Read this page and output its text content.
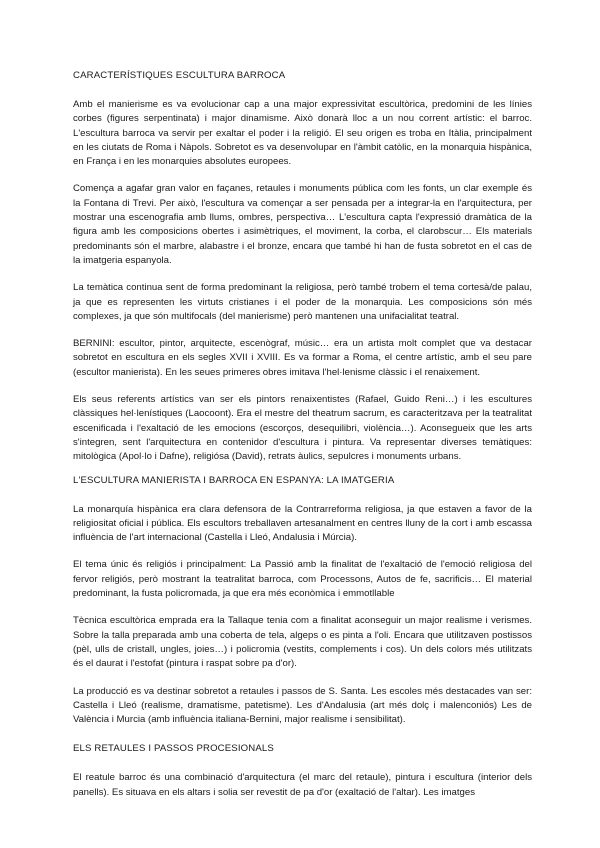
CARACTERÍSTIQUES ESCULTURA BARROCA

Amb el manierisme es va evolucionar cap a una major expressivitat escultòrica, predomini de les línies corbes (figures serpentinata) i major dinamisme. Això donarà lloc a un nou corrent artístic: el barroc. L'escultura barroca va servir per exaltar el poder i la religió. El seu origen es troba en Itàlia, principalment en les ciutats de Roma i Nàpols. Sobretot es va desenvolupar en l'àmbit catòlic, en la monarquia hispànica, en França i en les monarquies absolutes europees.

Comença a agafar gran valor en façanes, retaules i monuments pública com les fonts, un clar exemple és la Fontana di Trevi. Per això, l'escultura va començar a ser pensada per a integrar-la en l'arquitectura, per mostrar una escenografia amb llums, ombres, perspectiva… L'escultura capta l'expressió dramàtica de la figura amb les composicions obertes i asimètriques, el moviment, la corba, el clarobscur… Els materials predominants són el marbre, alabastre i el bronze, encara que també hi han de fusta sobretot en el cas de la imatgeria espanyola.

La temàtica continua sent de forma predominant la religiosa, però també trobem el tema cortesà/de palau, ja que es representen les virtuts cristianes i el poder de la monarquia. Les composicions són més complexes, ja que són multifocals (del manierisme) però mantenen una unifacialitat teatral.

BERNINI: escultor, pintor, arquitecte, escenògraf, músic… era un artista molt complet que va destacar sobretot en escultura en els segles XVII i XVIII. Es va formar a Roma, el centre artístic, amb el seu pare (escultor manierista). En les seues primeres obres imitava l'hel·lenisme clàssic i el renaixement.

Els seus referents artístics van ser els pintors renaixentistes (Rafael, Guido Reni…) i les escultures clàssiques hel·lenístiques (Laocoont). Era el mestre del theatrum sacrum, es caracteritzava per la teatralitat escenificada i l'exaltació de les emocions (escorços, desequilibri, violència…). Aconsegueix que les arts s'integren, sent l'arquitectura en contenidor d'escultura i pintura. Va representar diverses temàtiques: mitològica (Apol·lo i Dafne), religiósa (David), retrats àulics, sepulcres i monuments urbans.

L'ESCULTURA MANIERISTA I BARROCA EN ESPANYA: LA IMATGERIA

La monarquía hispànica era clara defensora de la Contrarreforma religiosa, ja que estaven a favor de la religiositat oficial i pública. Els escultors treballaven artesanalment en centres lluny de la cort i amb escassa influència de l'art internacional (Castella i Lleó, Andalusia i Múrcia).

El tema únic és religiós i principalment: La Passió amb la finalitat de l'exaltació de l'emoció religiosa del fervor religiós, però mostrant la teatralitat barroca, com Processons, Autos de fe, sacrificis… El material predominant, la fusta policromada, ja que era més econòmica i emmotllable

Tècnica escultòrica emprada era la Tallaque tenia com a finalitat aconseguir un major realisme i verismes. Sobre la talla preparada amb una coberta de tela, algeps o es pinta a l'oli. Encara que utilitzaven postissos (pèl, ulls de cristall, ungles, joies…) i policromia (vestits, complements i cos). Un dels colors més utilitzats és el daurat i l'estofat (pintura i raspat sobre pa d'or).

La producció es va destinar sobretot a retaules i passos de S. Santa. Les escoles més destacades van ser: Castella i Lleó (realisme, dramatisme, patetisme). Les d'Andalusia (art més dolç i malenconiós) Les de València i Murcia (amb influència italiana-Bernini, major realisme i sensibilitat).

ELS RETAULES I PASSOS PROCESIONALS

El reatule barroc és una combinació d'arquitectura (el marc del retaule), pintura i escultura (interior dels panells). Es situava en els altars i solia ser revestit de pa d'or (exaltació de l'altar). Les imatges
